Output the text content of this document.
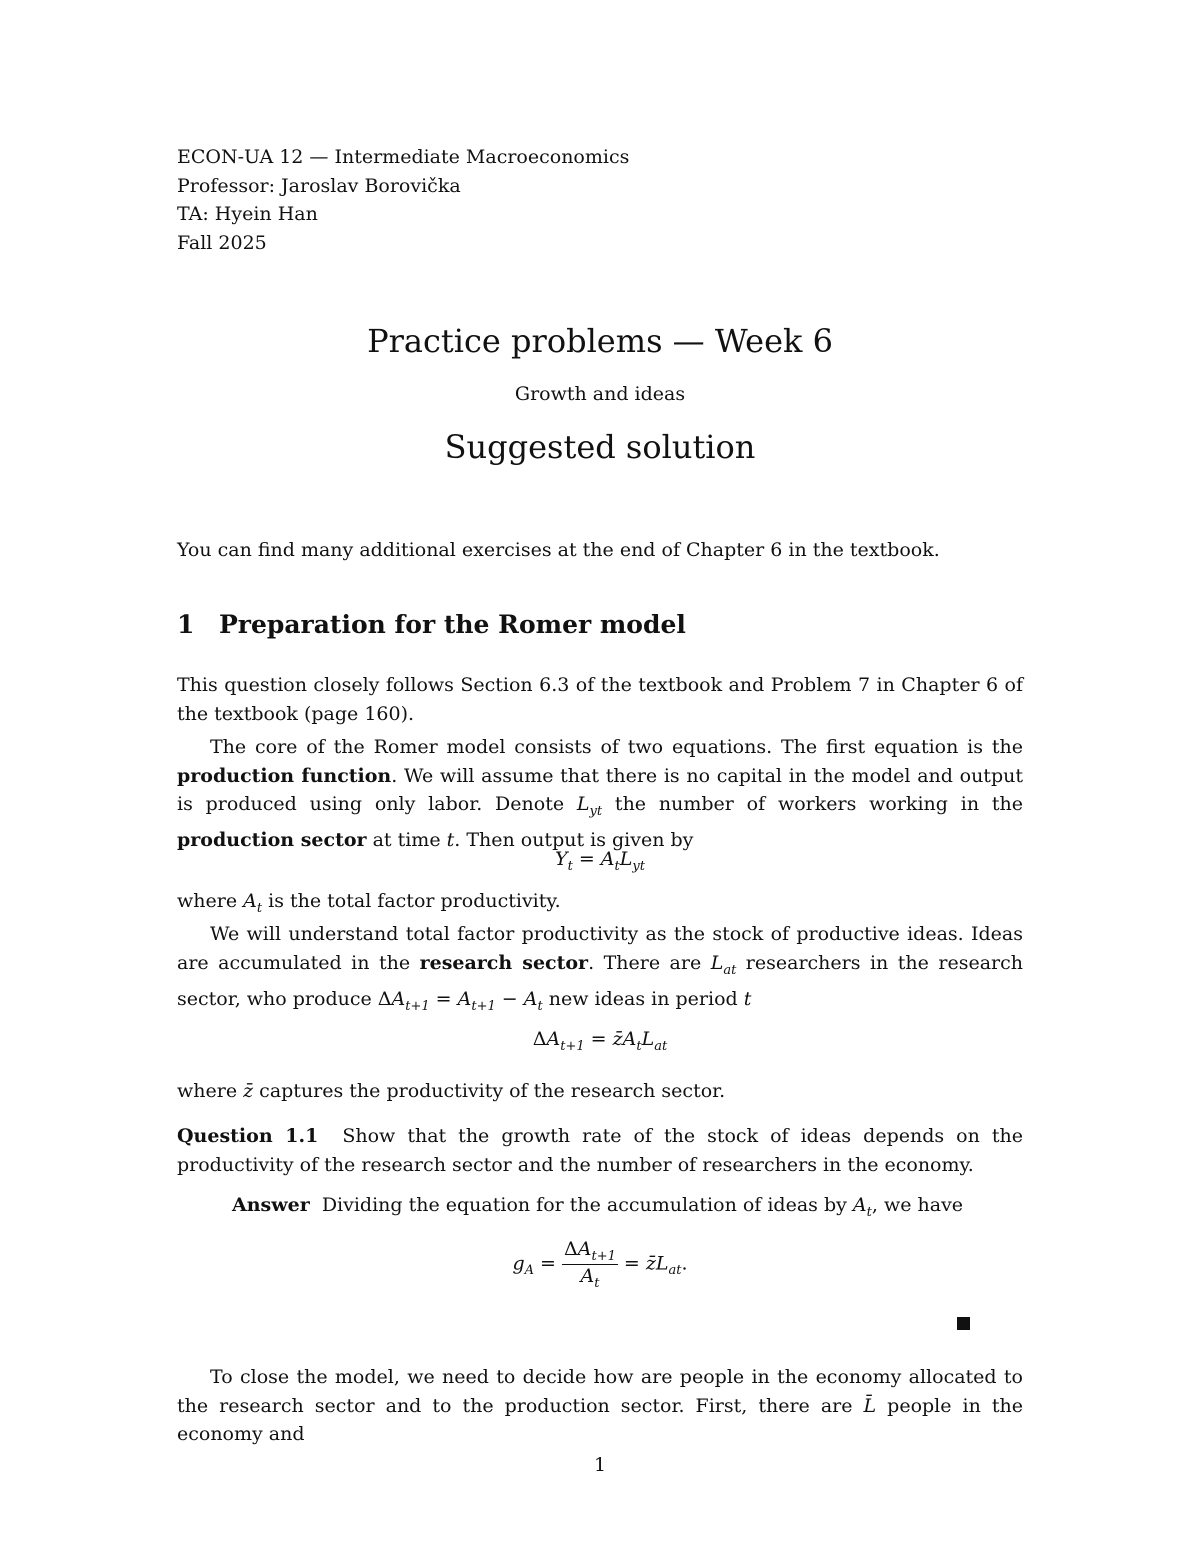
ECON-UA 12 — Intermediate Macroeconomics
Professor: Jaroslav Borovička
TA: Hyein Han
Fall 2025
Practice problems — Week 6
Growth and ideas
Suggested solution
You can find many additional exercises at the end of Chapter 6 in the textbook.
1 Preparation for the Romer model
This question closely follows Section 6.3 of the textbook and Problem 7 in Chapter 6 of the textbook (page 160).
The core of the Romer model consists of two equations. The first equation is the production function. We will assume that there is no capital in the model and output is produced using only labor. Denote $L_{yt}$ the number of workers working in the production sector at time t. Then output is given by
$Y_t = A_tL_{yt}$
where $A_t$ is the total factor productivity.
We will understand total factor productivity as the stock of productive ideas. Ideas are accumulated in the research sector. There are $L_{at}$ researchers in the research sector, who produce $\Delta A_{t+1} = A_{t+1} - A_t$ new ideas in period t
$\Delta A_{t+1}$ = $z̄A_tL_{at}$
where z̄ captures the productivity of the research sector.
Question 1.1 Show that the growth rate of the stock of ideas depends on the productivity of the research sector and the number of researchers in the economy.
Answer Dividing the equation for the accumulation of ideas by $A_t$, we have
$g_A = \frac{\Delta A_{t+1}}{A_t}$ = $z̄L_{at}$.
To close the model, we need to decide how are people in the economy allocated to the research sector and to the production sector. First, there are L̄ people in the economy and
1
